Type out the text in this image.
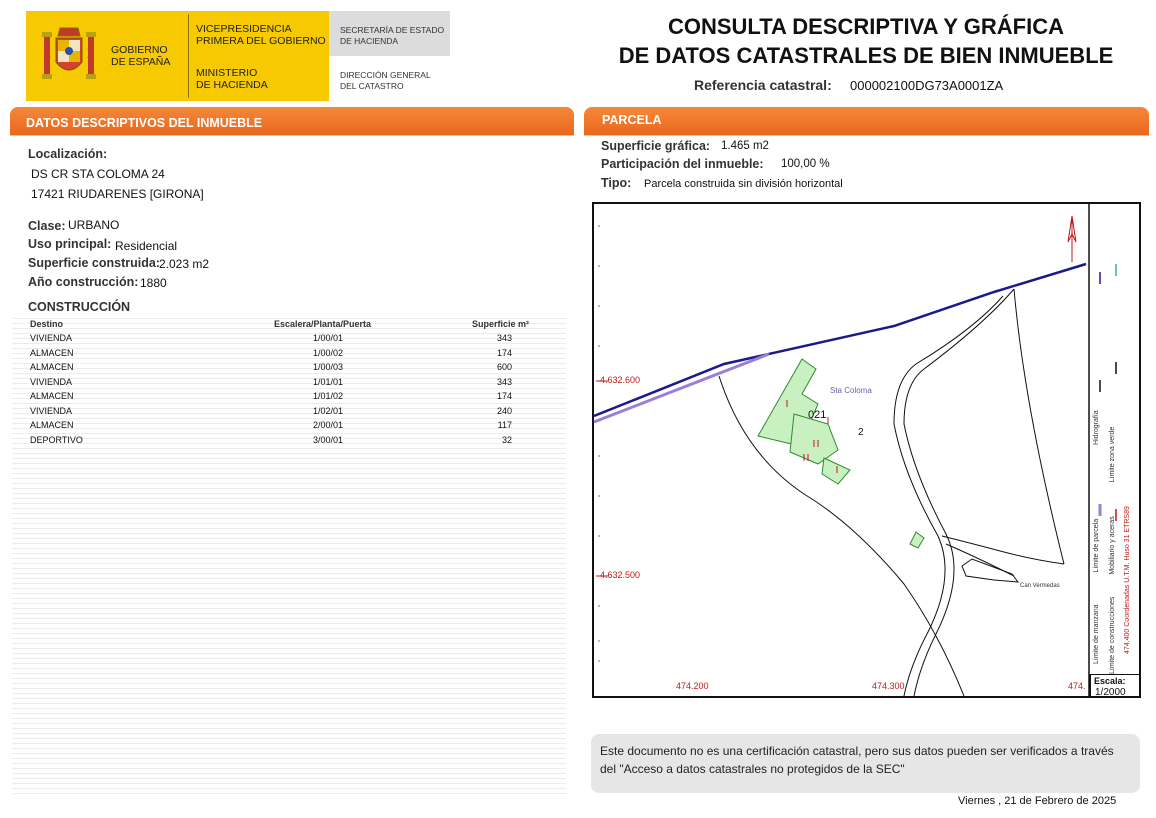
GOBIERNO
DE ESPAÑA
VICEPRESIDENCIA
PRIMERA DEL GOBIERNO
MINISTERIO
DE HACIENDA
SECRETARÍA DE ESTADO
DE HACIENDA
DIRECCIÓN GENERAL
DEL CATASTRO
CONSULTA DESCRIPTIVA Y GRÁFICA
DE DATOS CATASTRALES DE BIEN INMUEBLE
Referencia catastral: 000002100DG73A0001ZA
DATOS DESCRIPTIVOS DEL INMUEBLE
Localización:
DS CR STA COLOMA 24
17421 RIUDARENES [GIRONA]
Clase: URBANO
Uso principal: Residencial
Superficie construida: 2.023 m2
Año construcción: 1880
CONSTRUCCIÓN
Destino	Escalera/Planta/Puerta	Superficie m²
VIVIENDA	1/00/01	343
ALMACEN	1/00/02	174
ALMACEN	1/00/03	600
VIVIENDA	1/01/01	343
ALMACEN	1/01/02	174
VIVIENDA	1/02/01	240
ALMACEN	2/00/01	117
DEPORTIVO	3/00/01	32
PARCELA
Superficie gráfica: 1.465 m2
Participación del inmueble: 100,00 %
Tipo: Parcela construida sin división horizontal
4.632.600
4.632.500
474.200	474.300	474.
021
Sta Coloma
2
Can Vermedas
Límite de manzana  Límite de parcela  Hidrografía
Límite de construcciones  Mobiliario y aceras  Límite zona verde
474.400 Coordenadas U.T.M. Huso 31 ETRS89
Escala:
1/2000
Este documento no es una certificación catastral, pero sus datos pueden ser verificados a través del "Acceso a datos catastrales no protegidos de la SEC"
Viernes , 21 de Febrero de 2025
